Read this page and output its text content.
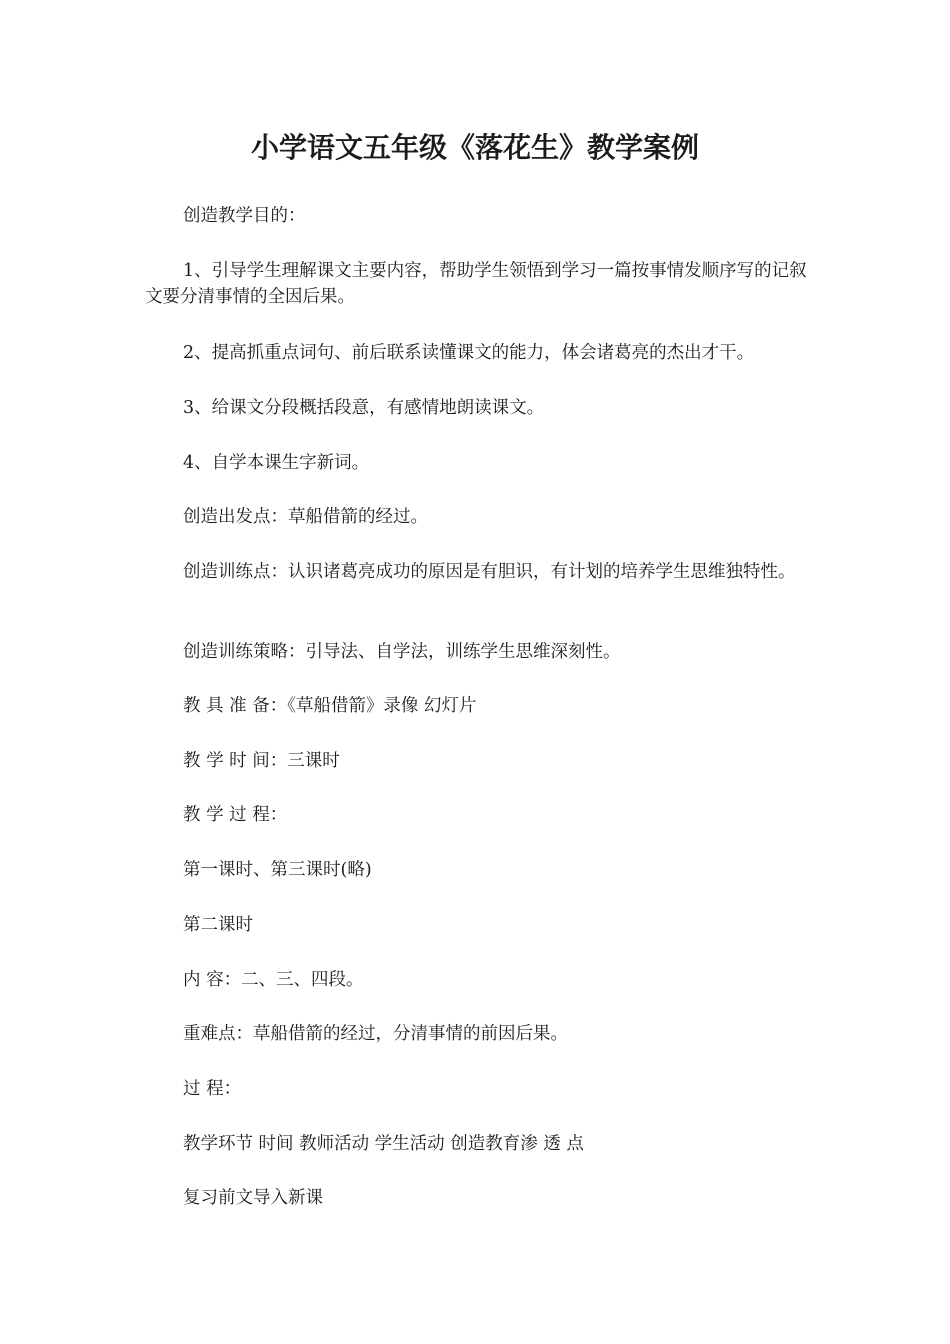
小学语文五年级《落花生》教学案例

创造教学目的：

1、引导学生理解课文主要内容，帮助学生领悟到学习一篇按事情发顺序写的记叙文要分清事情的全因后果。

2、提高抓重点词句、前后联系读懂课文的能力，体会诸葛亮的杰出才干。

3、给课文分段概括段意，有感情地朗读课文。

4、自学本课生字新词。

创造出发点：草船借箭的经过。

创造训练点：认识诸葛亮成功的原因是有胆识，有计划的培养学生思维独特性。

创造训练策略：引导法、自学法，训练学生思维深刻性。

教 具 准 备：《草船借箭》录像 幻灯片

教 学 时 间：三课时

教 学 过 程：

第一课时、第三课时(略)

第二课时

内 容：二、三、四段。

重难点：草船借箭的经过，分清事情的前因后果。

过 程：

教学环节 时间 教师活动 学生活动 创造教育渗 透 点

复习前文导入新课
